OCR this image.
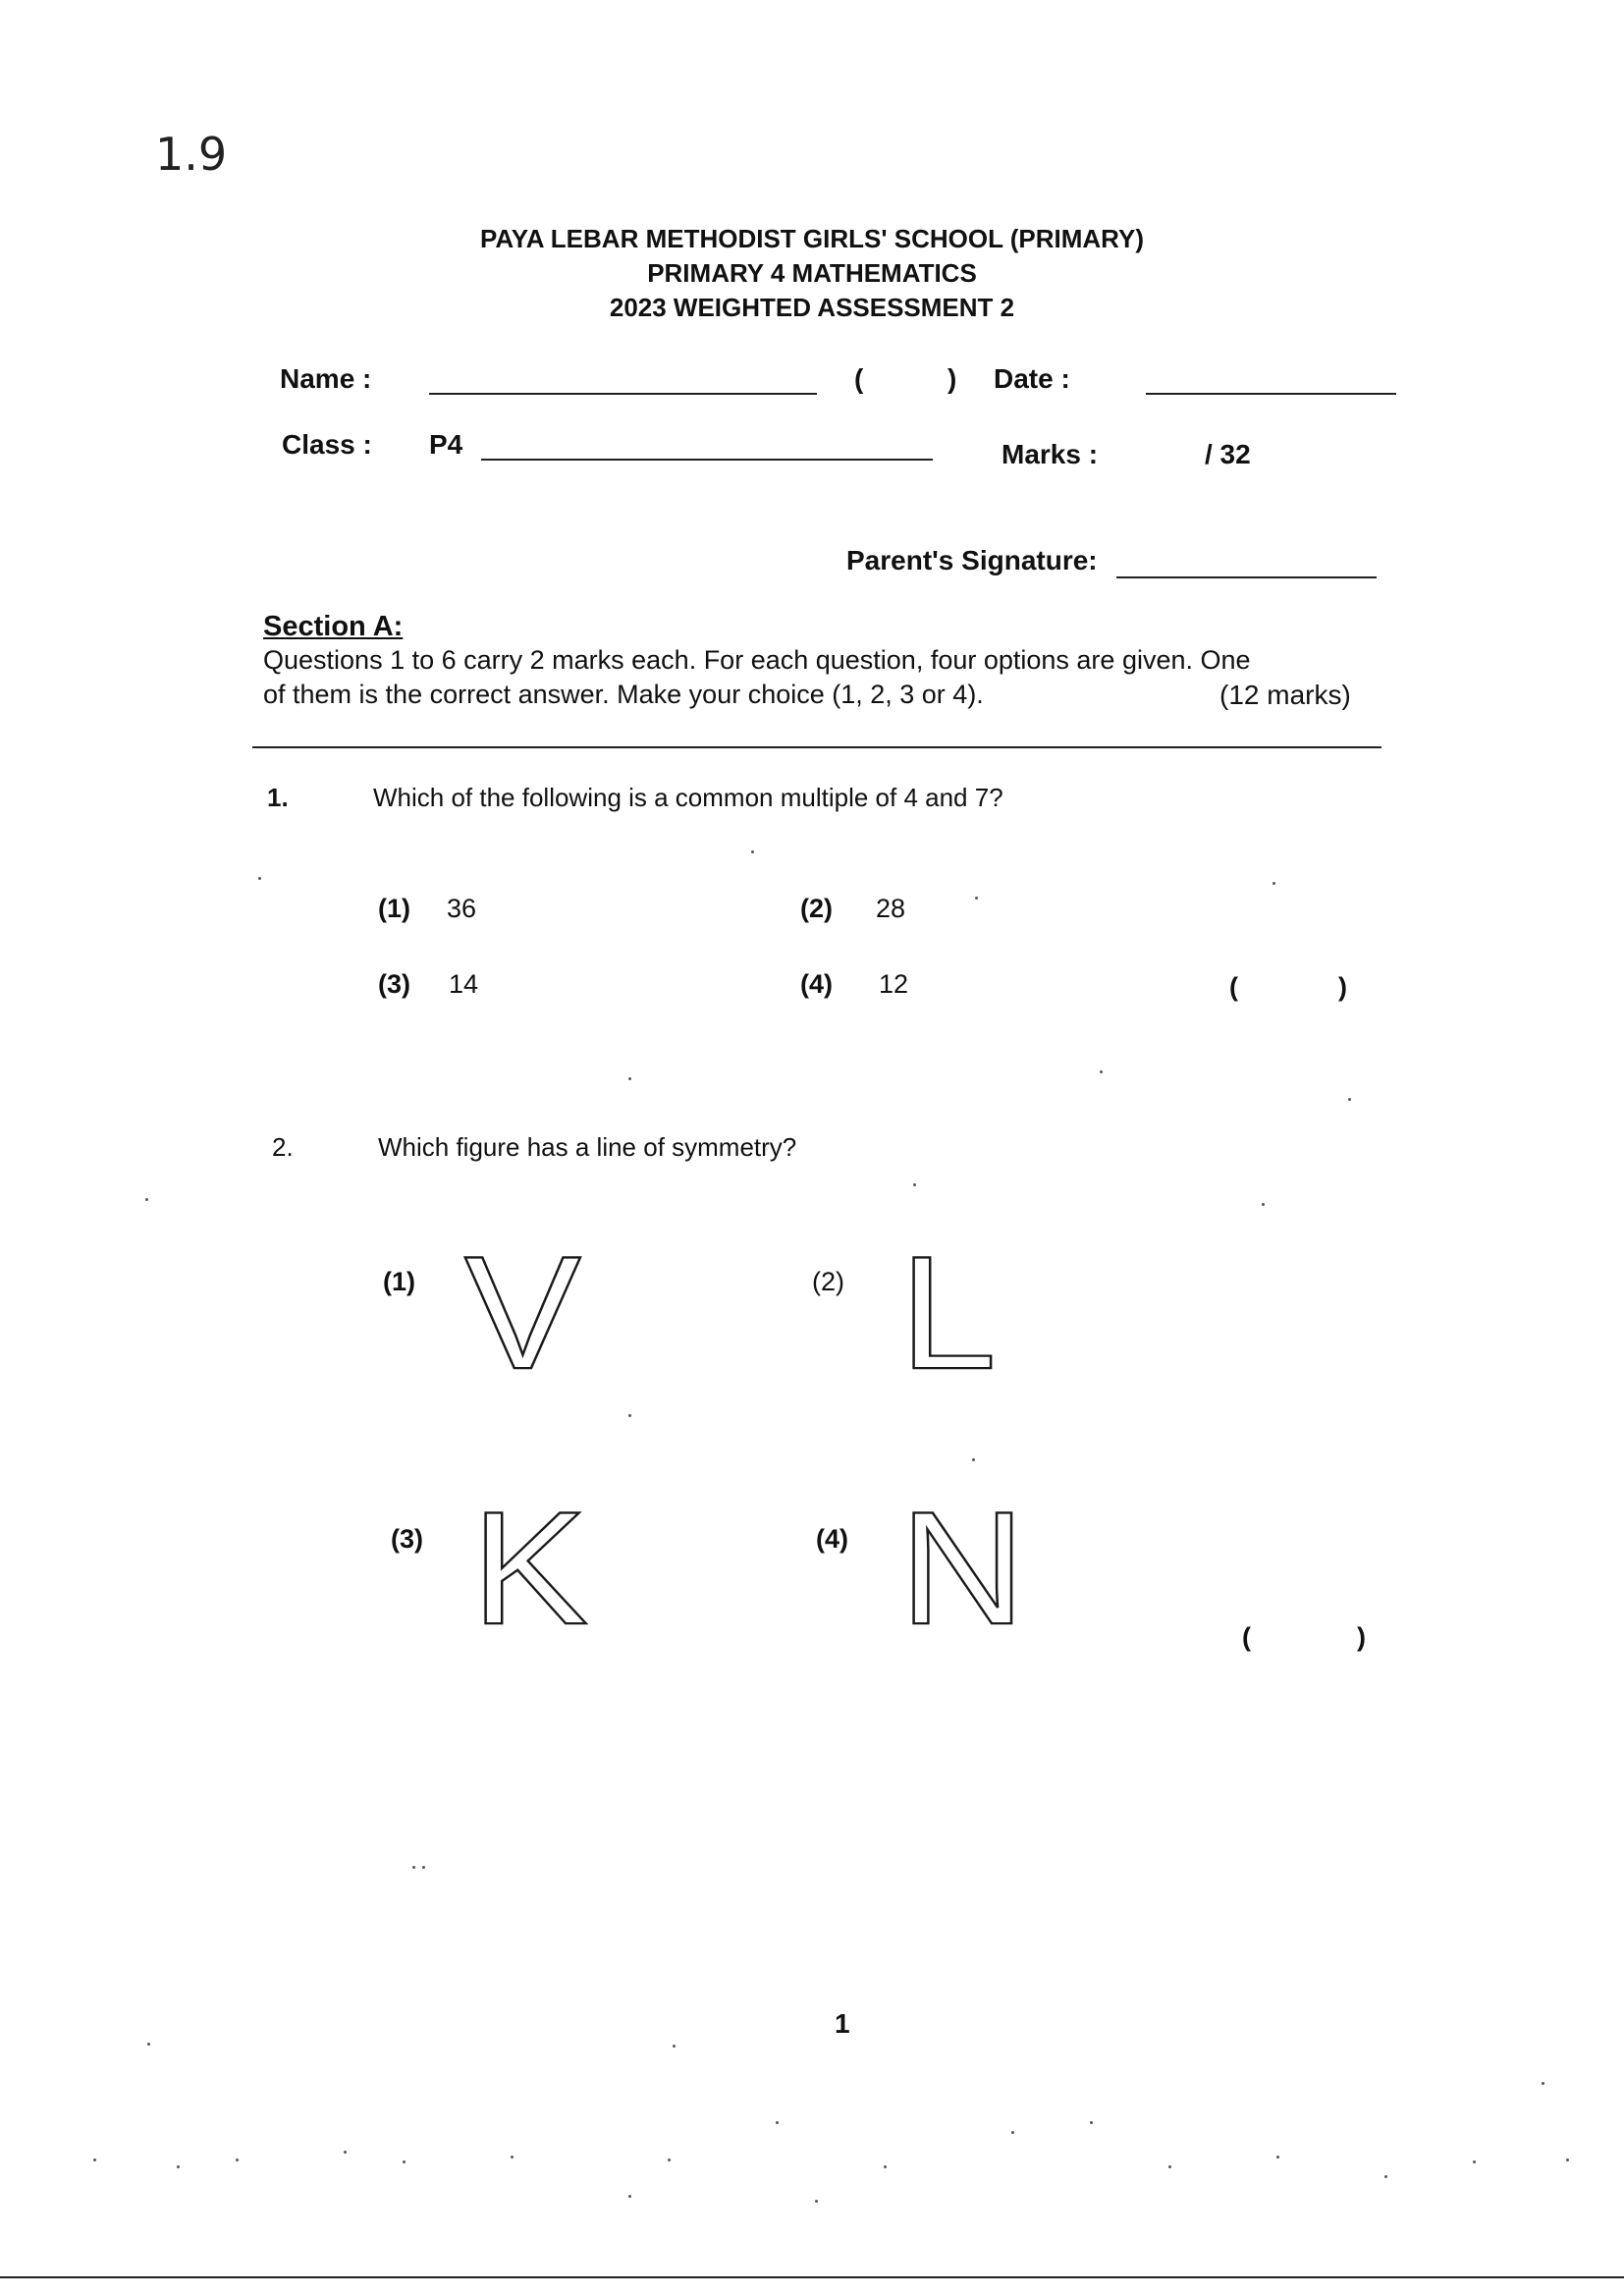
1.9
PAYA LEBAR METHODIST GIRLS' SCHOOL (PRIMARY)
PRIMARY 4 MATHEMATICS
2023 WEIGHTED ASSESSMENT 2
Name :	(	) Date :
Class : P4	Marks :	/ 32
Parent's Signature:
Section A:
Questions 1 to 6 carry 2 marks each. For each question, four options are given. One
of them is the correct answer. Make your choice (1, 2, 3 or 4).	(12 marks)
1.	Which of the following is a common multiple of 4 and 7?
(1) 36	(2) 28
(3) 14	(4) 12	(	)
2.	Which figure has a line of symmetry?
(1) V	(2) L
(3) K	(4) N	(	)
1
